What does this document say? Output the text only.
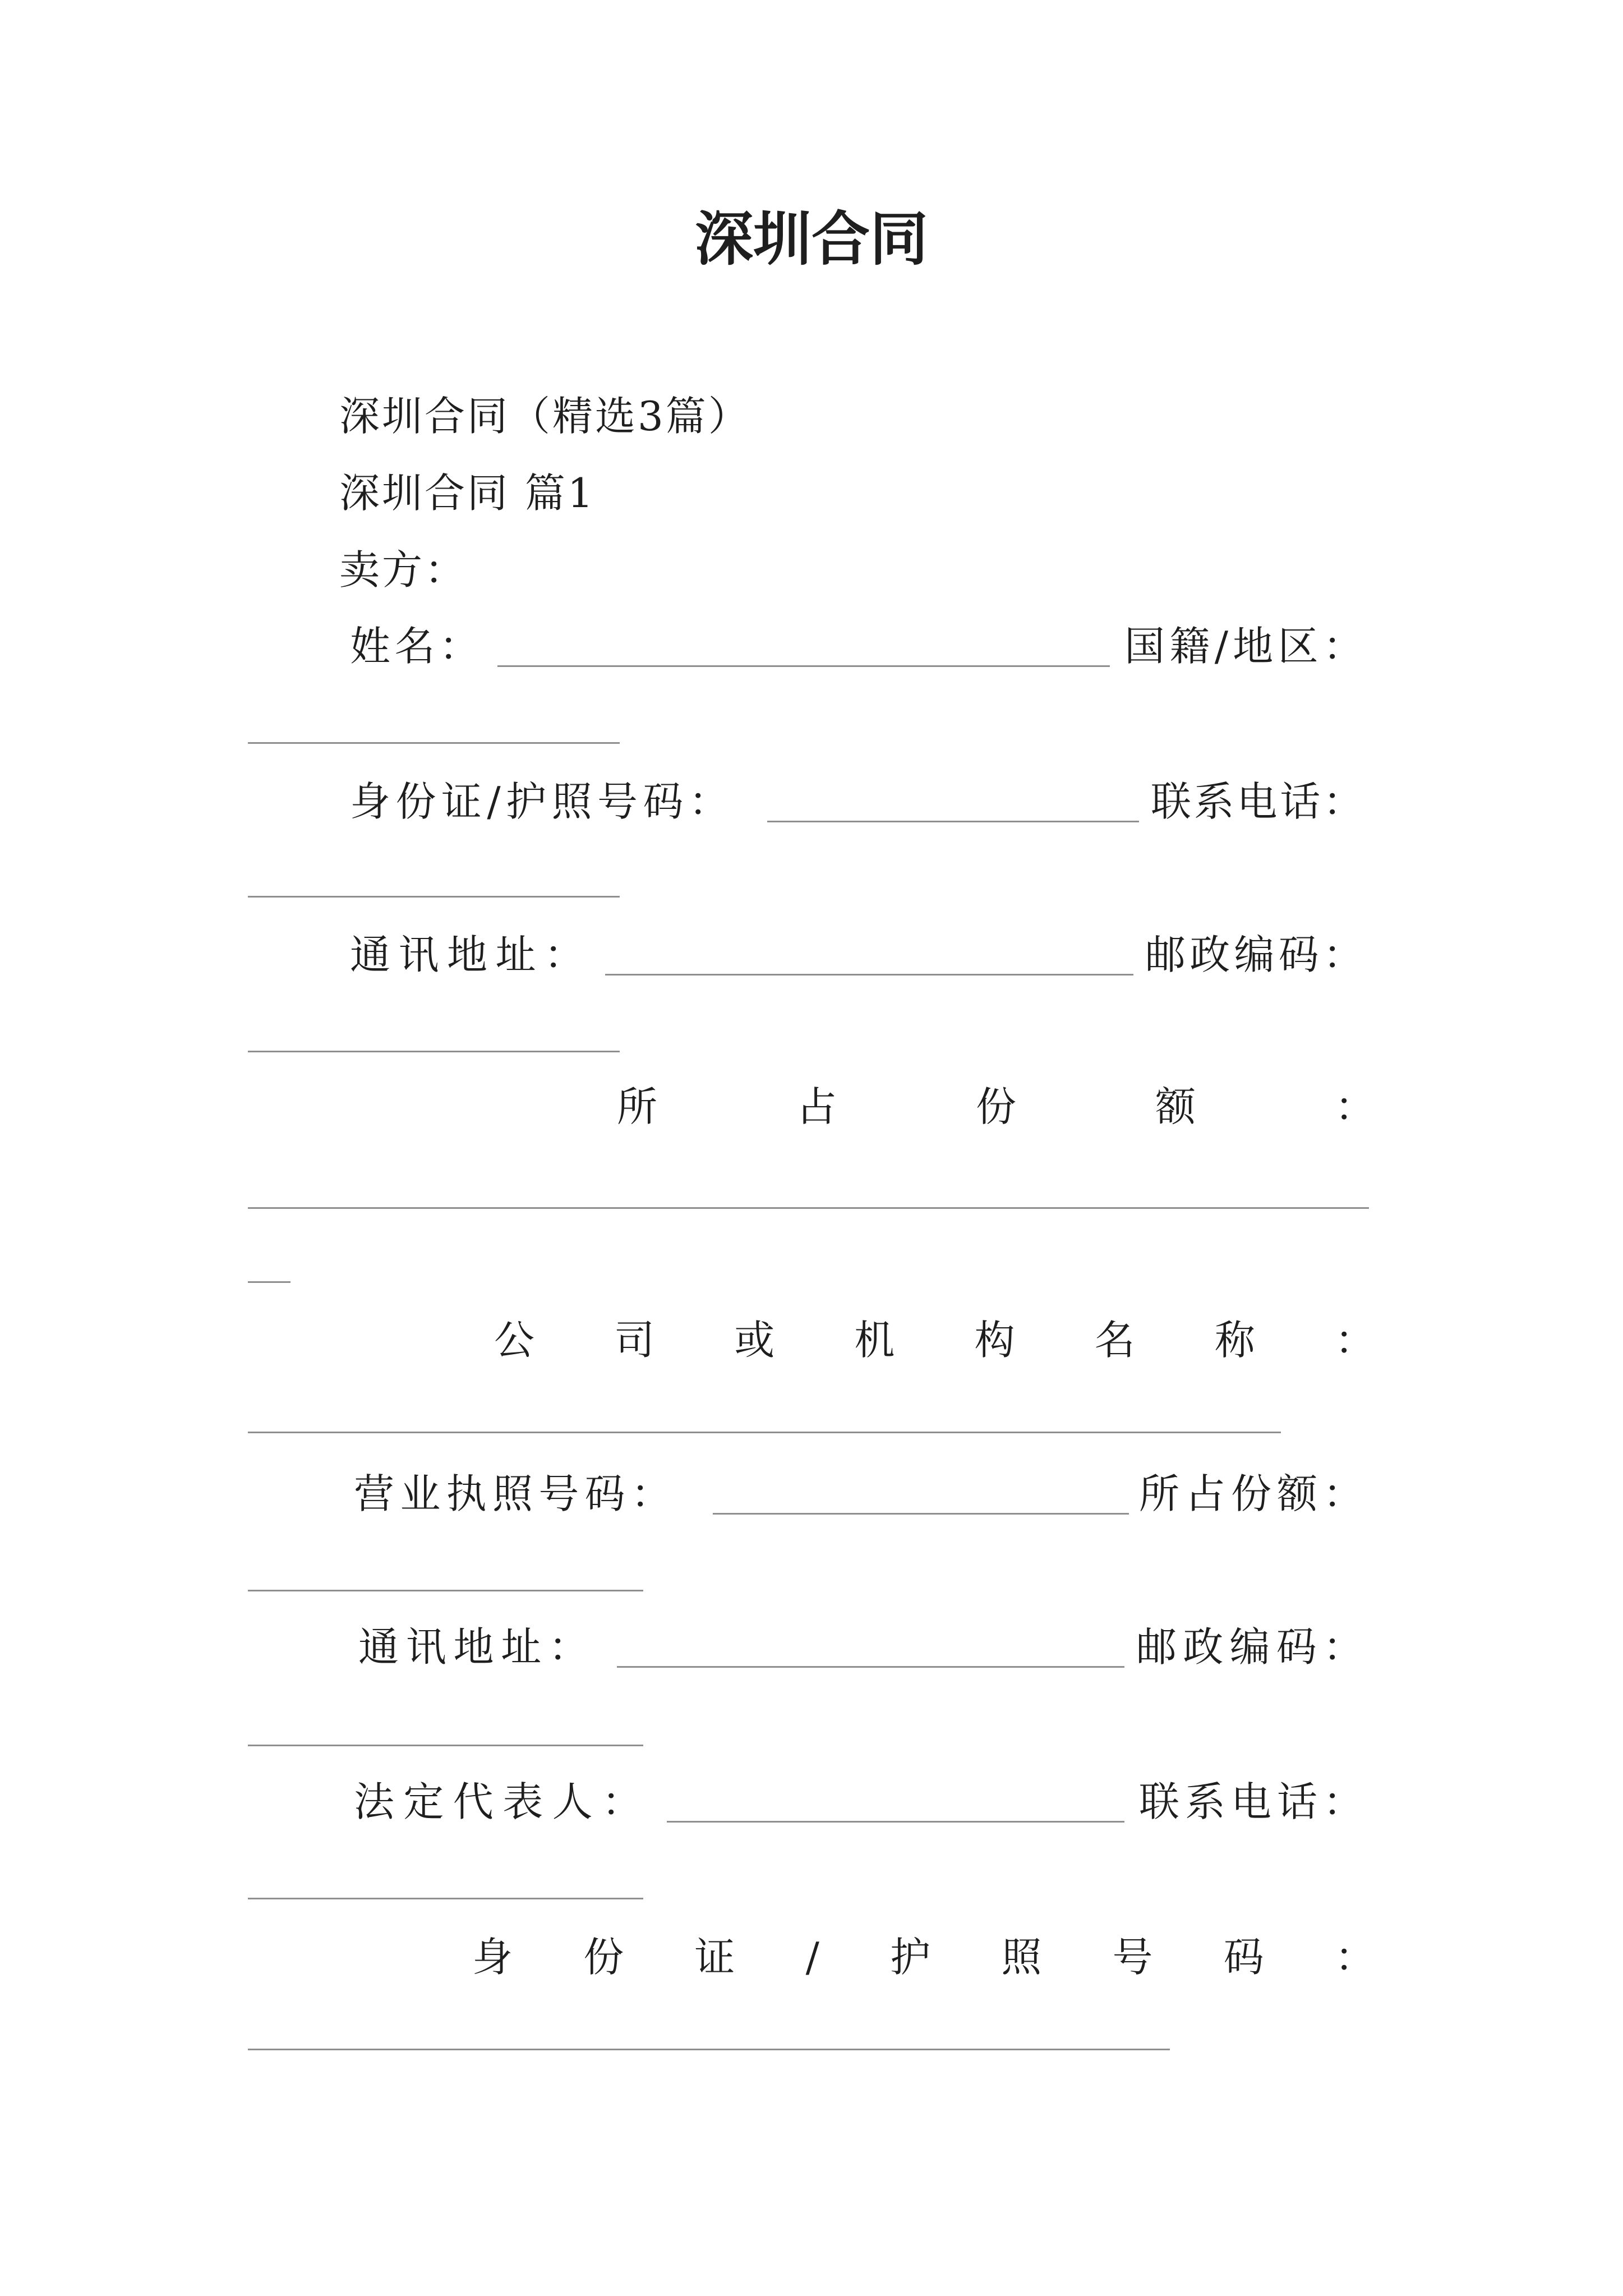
深圳合同
深圳合同（精选3篇）
深圳合同 篇1
卖方：
姓名：	国籍/地区：
身份证/护照号码：	联系电话：
通讯地址：	邮政编码：
所占份额：
公司或机构名称：
营业执照号码：	所占份额：
通讯地址：	邮政编码：
法定代表人：	联系电话：
身份证/护照号码：
